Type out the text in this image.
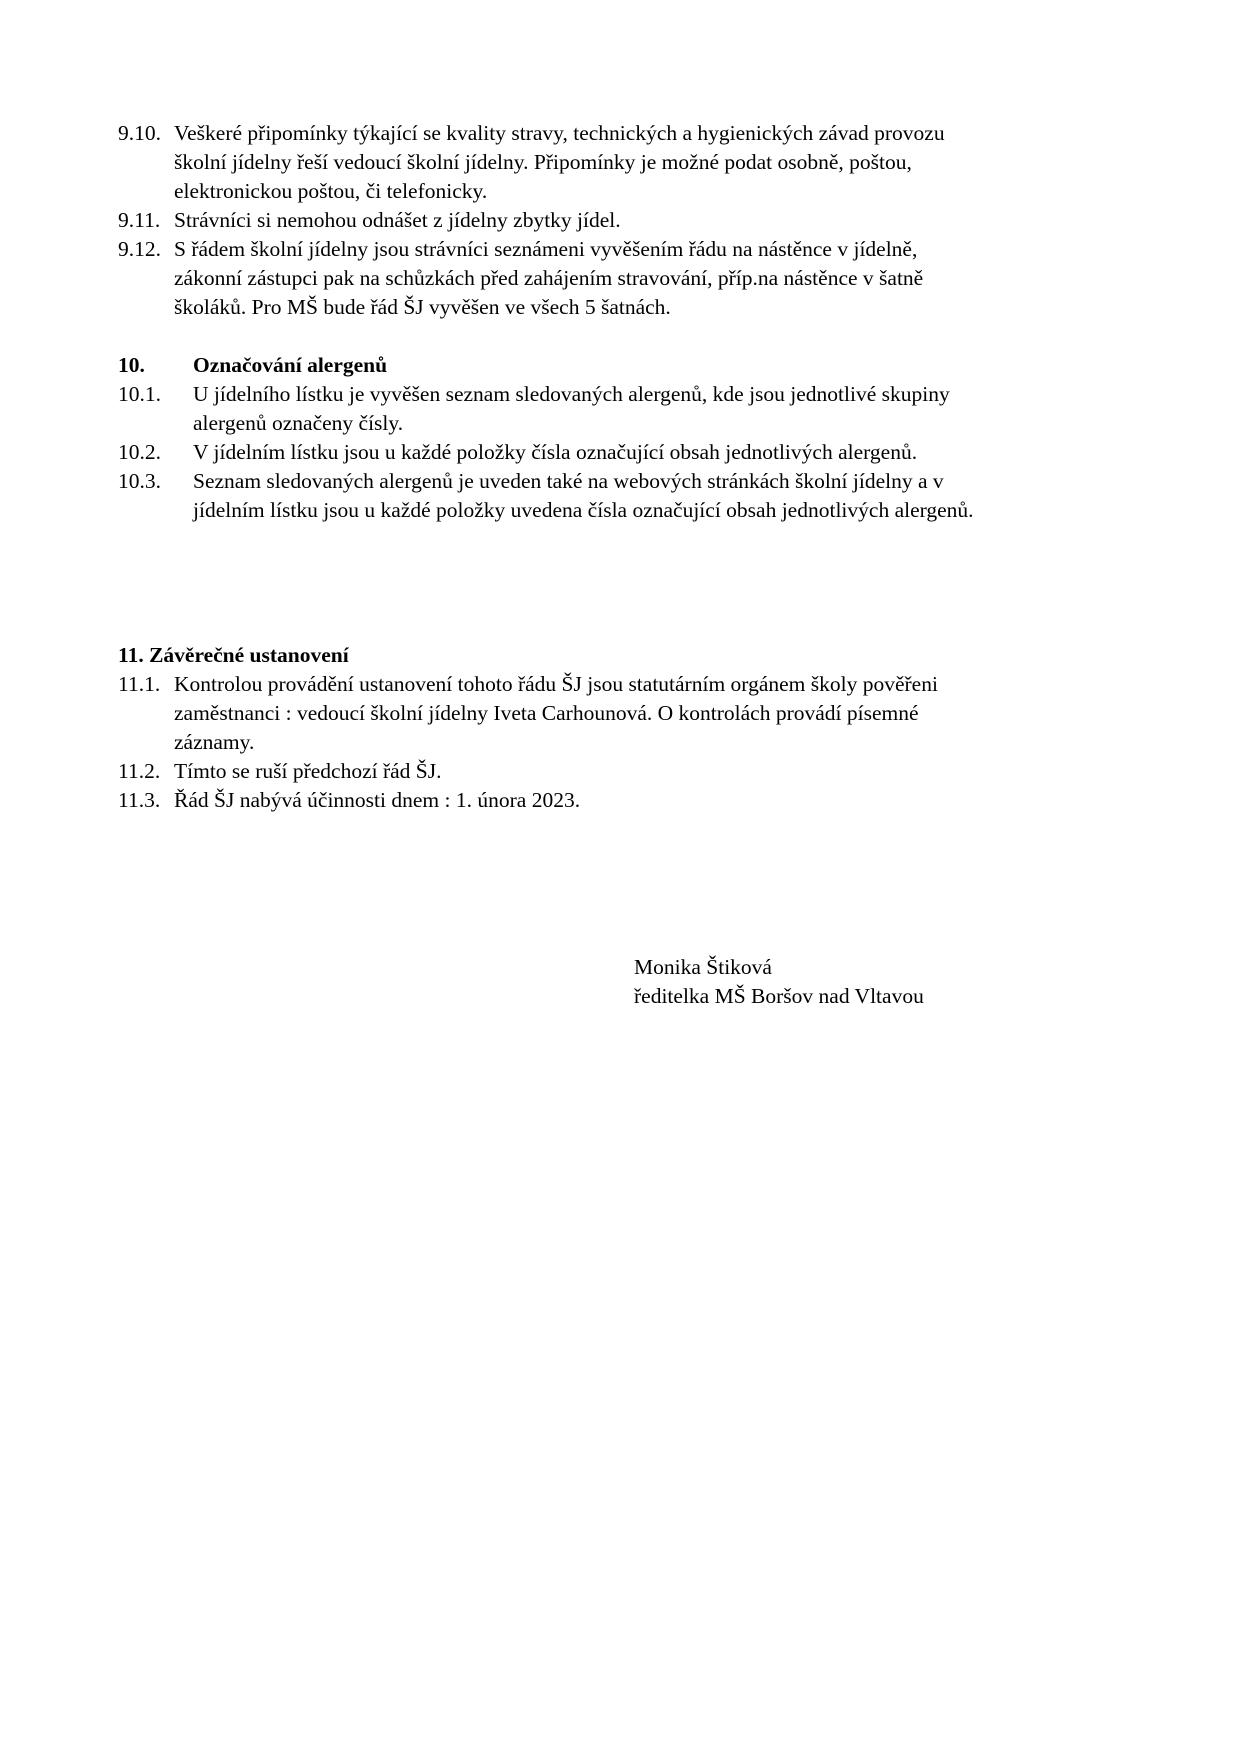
9.10. Veškeré připomínky týkající se kvality stravy, technických a hygienických závad provozu
školní jídelny řeší vedoucí školní jídelny. Připomínky je možné podat osobně, poštou,
elektronickou poštou, či telefonicky.
9.11. Strávníci si nemohou odnášet z jídelny zbytky jídel.
9.12. S řádem školní jídelny jsou strávníci seznámeni vyvěšením řádu na nástěnce v jídelně,
zákonní zástupci pak na schůzkách před zahájením stravování, příp.na nástěnce v šatně
školáků. Pro MŠ bude řád ŠJ vyvěšen ve všech 5 šatnách.
10. Označování alergenů
10.1. U jídelního lístku je vyvěšen seznam sledovaných alergenů, kde jsou jednotlivé skupiny
alergenů označeny čísly.
10.2. V jídelním lístku jsou u každé položky čísla označující obsah jednotlivých alergenů.
10.3. Seznam sledovaných alergenů je uveden také na webových stránkách školní jídelny a v
jídelním lístku jsou u každé položky uvedena čísla označující obsah jednotlivých alergenů.
11. Závěrečné ustanovení
11.1. Kontrolou provádění ustanovení tohoto řádu ŠJ jsou statutárním orgánem školy pověřeni
zaměstnanci : vedoucí školní jídelny Iveta Carhounová. O kontrolách provádí písemné
záznamy.
11.2. Tímto se ruší předchozí řád ŠJ.
11.3. Řád ŠJ nabývá účinnosti dnem : 1. února 2023.
Monika Štiková
ředitelka MŠ Boršov nad Vltavou
